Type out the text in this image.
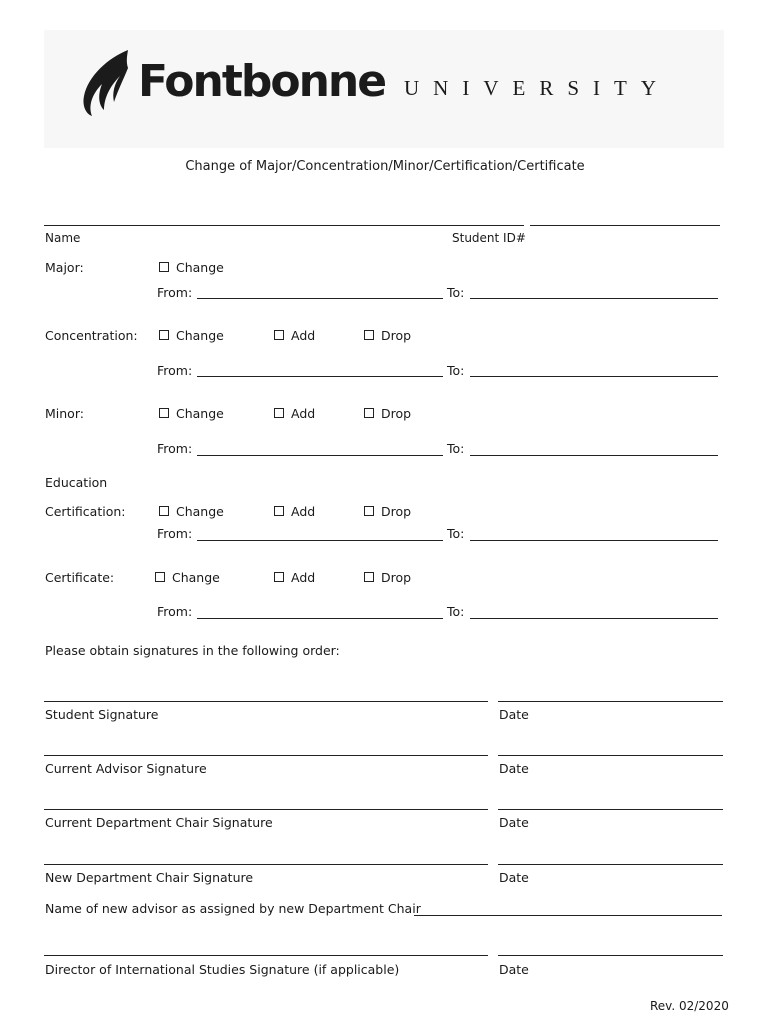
Fontbonne UNIVERSITY
Change of Major/Concentration/Minor/Certification/Certificate
Name	Student ID#
Major:	Change
From:	To:
Concentration:	Change	Add	Drop
From:	To:
Minor:	Change	Add	Drop
From:	To:
Education
Certification:	Change	Add	Drop
From:	To:
Certificate:	Change	Add	Drop
From:	To:
Please obtain signatures in the following order:
Student Signature	Date
Current Advisor Signature	Date
Current Department Chair Signature	Date
New Department Chair Signature	Date
Name of new advisor as assigned by new Department Chair
Director of International Studies Signature (if applicable)	Date
Rev. 02/2020
